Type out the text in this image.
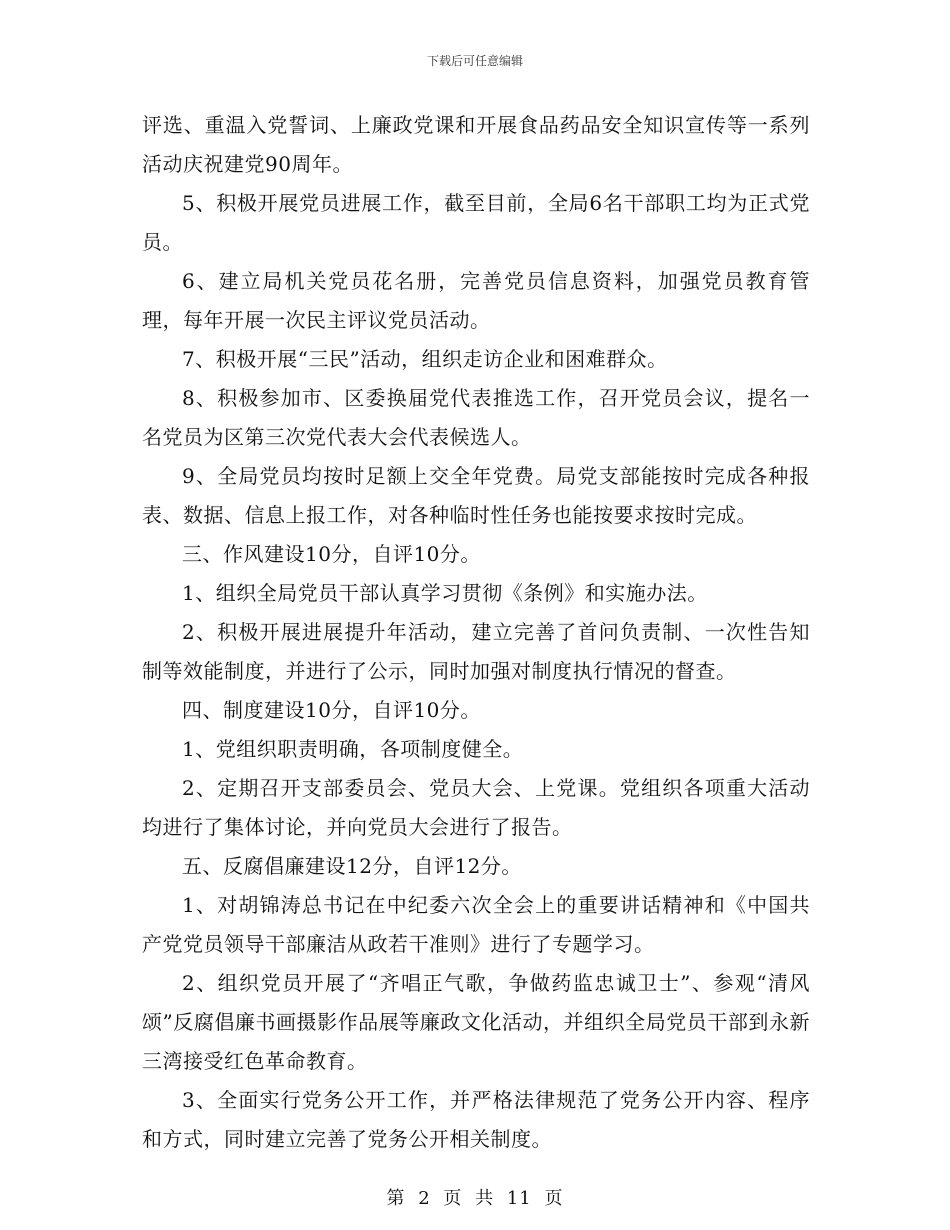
下载后可任意编辑

评选、重温入党誓词、上廉政党课和开展食品药品安全知识宣传等一系列活动庆祝建党90周年。

5、积极开展党员进展工作，截至目前，全局6名干部职工均为正式党员。

6、建立局机关党员花名册，完善党员信息资料，加强党员教育管理，每年开展一次民主评议党员活动。

7、积极开展“三民”活动，组织走访企业和困难群众。

8、积极参加市、区委换届党代表推选工作，召开党员会议，提名一名党员为区第三次党代表大会代表候选人。

9、全局党员均按时足额上交全年党费。局党支部能按时完成各种报表、数据、信息上报工作，对各种临时性任务也能按要求按时完成。

三、作风建设10分，自评10分。

1、组织全局党员干部认真学习贯彻《条例》和实施办法。

2、积极开展进展提升年活动，建立完善了首问负责制、一次性告知制等效能制度，并进行了公示，同时加强对制度执行情况的督查。

四、制度建设10分，自评10分。

1、党组织职责明确，各项制度健全。

2、定期召开支部委员会、党员大会、上党课。党组织各项重大活动均进行了集体讨论，并向党员大会进行了报告。

五、反腐倡廉建设12分，自评12分。

1、对胡锦涛总书记在中纪委六次全会上的重要讲话精神和《中国共产党党员领导干部廉洁从政若干准则》进行了专题学习。

2、组织党员开展了“齐唱正气歌，争做药监忠诚卫士”、参观“清风颂”反腐倡廉书画摄影作品展等廉政文化活动，并组织全局党员干部到永新三湾接受红色革命教育。

3、全面实行党务公开工作，并严格法律规范了党务公开内容、程序和方式，同时建立完善了党务公开相关制度。

第 2 页 共 11 页
